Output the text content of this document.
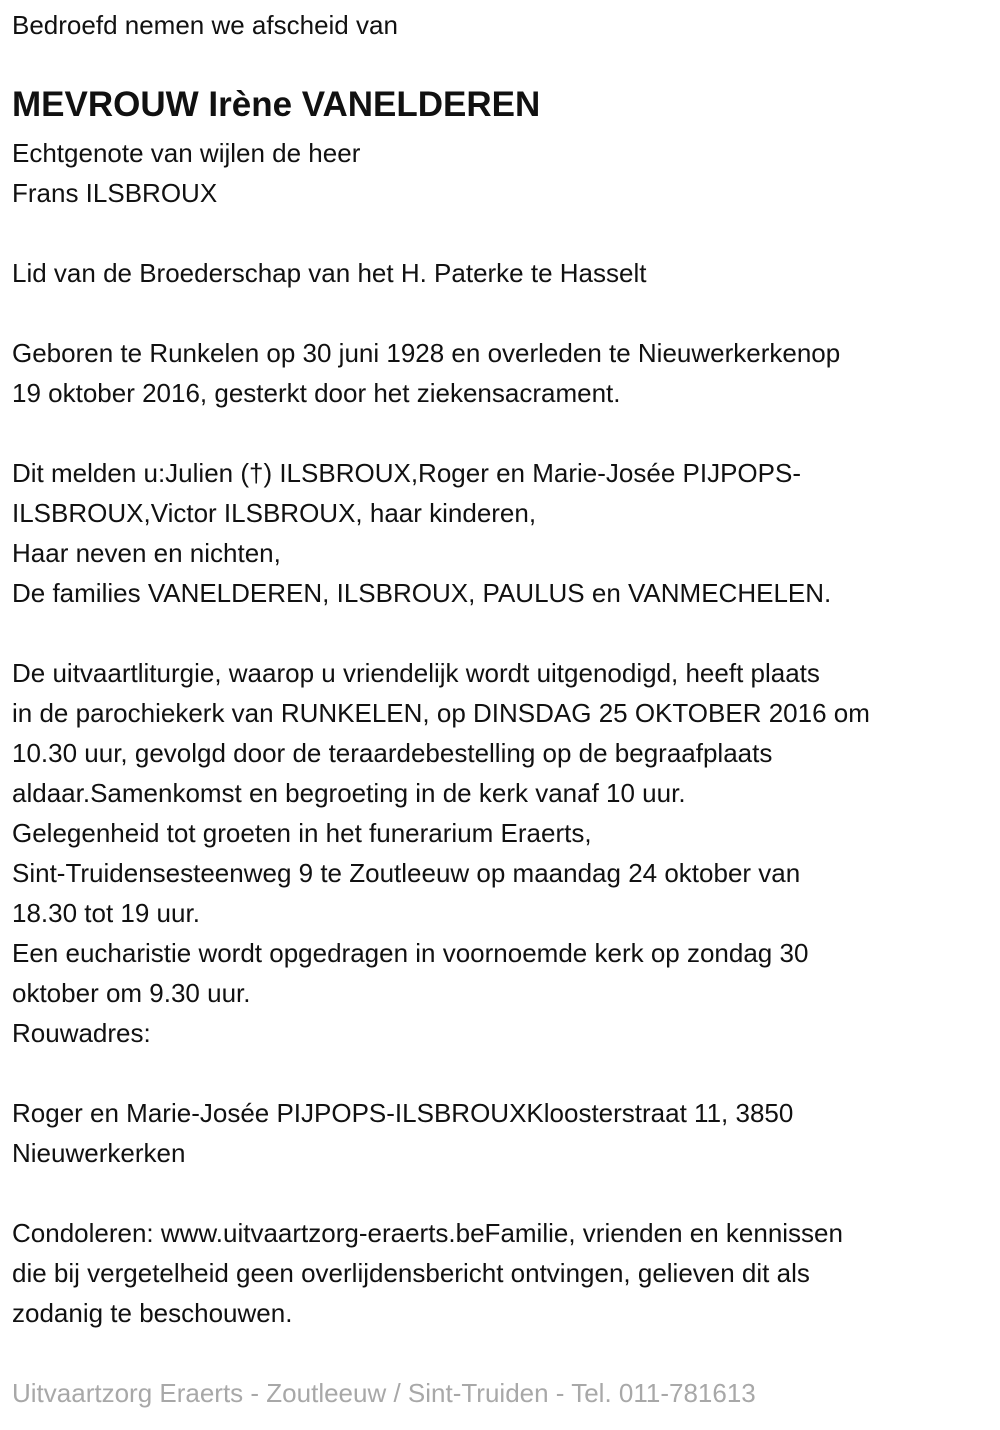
Bedroefd nemen we afscheid van
MEVROUW Irène VANELDEREN
Echtgenote van wijlen de heer
Frans ILSBROUX
Lid van de Broederschap van het H. Paterke te Hasselt
Geboren te Runkelen op 30 juni 1928 en overleden te Nieuwerkerkenop
19 oktober 2016, gesterkt door het ziekensacrament.
Dit melden u:Julien (†) ILSBROUX,Roger en Marie-Josée PIJPOPS-
ILSBROUX,Victor ILSBROUX, haar kinderen,
Haar neven en nichten,
De families VANELDEREN, ILSBROUX, PAULUS en VANMECHELEN.
De uitvaartliturgie, waarop u vriendelijk wordt uitgenodigd, heeft plaats
in de parochiekerk van RUNKELEN, op DINSDAG 25 OKTOBER 2016 om
10.30 uur, gevolgd door de teraardebestelling op de begraafplaats
aldaar.Samenkomst en begroeting in de kerk vanaf 10 uur.
Gelegenheid tot groeten in het funerarium Eraerts,
Sint-Truidensesteenweg 9 te Zoutleeuw op maandag 24 oktober van
18.30 tot 19 uur.
Een eucharistie wordt opgedragen in voornoemde kerk op zondag 30
oktober om 9.30 uur.
Rouwadres:
Roger en Marie-Josée PIJPOPS-ILSBROUXKloosterstraat 11, 3850
Nieuwerkerken
Condoleren: www.uitvaartzorg-eraerts.beFamilie, vrienden en kennissen
die bij vergetelheid geen overlijdensbericht ontvingen, gelieven dit als
zodanig te beschouwen.
Uitvaartzorg Eraerts - Zoutleeuw / Sint-Truiden - Tel. 011-781613
